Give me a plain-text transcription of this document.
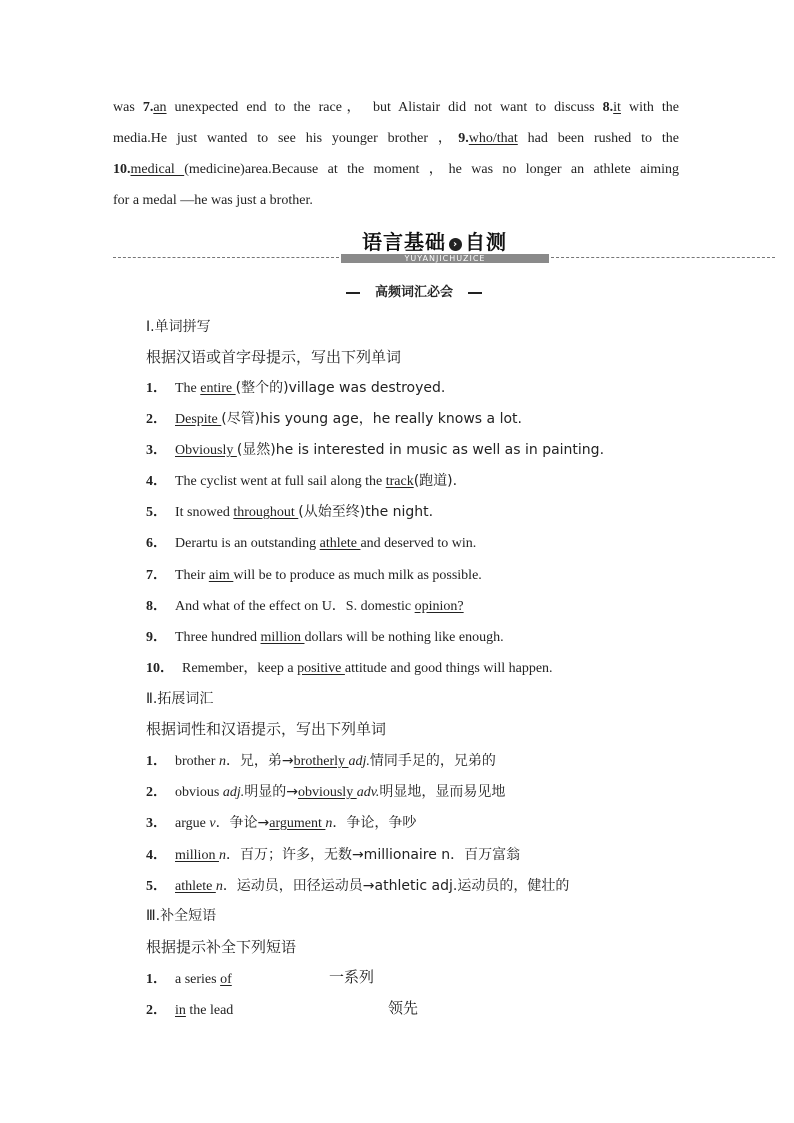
was 7.an unexpected end to the race， but Alistair did not want to discuss 8.it with the
media.He just wanted to see his younger brother ，9.who/that had been rushed to the
10.medical (medicine)area.Because at the moment ，he was no longer an athlete aiming
for a medal —he was just a brother.
语言基础 › 自测
YUYANJICHUZICE
高频词汇必会
Ⅰ.单词拼写
根据汉语或首字母提示，写出下列单词
1． The entire (整个的)village was destroyed.
2． Despite (尽管)his young age，he really knows a lot.
3． Obviously (显然)he is interested in music as well as in painting.
4． The cyclist went at full sail along the track(跑道).
5． It snowed throughout (从始至终)the night.
6． Derartu is an outstanding athlete and deserved to win.
7． Their aim will be to produce as much milk as possible.
8． And what of the effect on U．S. domestic opinion?
9． Three hundred million dollars will be nothing like enough.
10． Remember，keep a positive attitude and good things will happen.
Ⅱ.拓展词汇
根据词性和汉语提示，写出下列单词
1． brother n．兄，弟→brotherly adj.情同手足的，兄弟的
2． obvious adj.明显的→obviously adv.明显地，显而易见地
3． argue v．争论→argument n．争论，争吵
4． million n．百万；许多，无数→millionaire n．百万富翁
5． athlete n．运动员，田径运动员→athletic adj.运动员的，健壮的
Ⅲ.补全短语
根据提示补全下列短语
1． a series of	一系列
2． in the lead	领先
